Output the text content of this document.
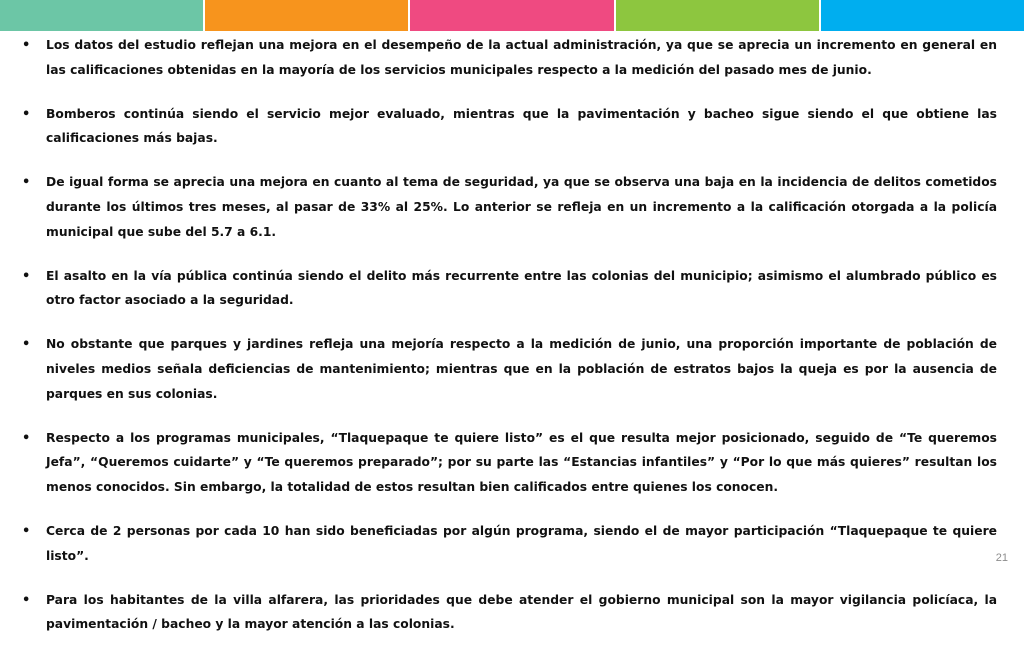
•	Los datos del estudio reflejan una mejora en el desempeño de la actual administración, ya que se aprecia un incremento en general en las calificaciones obtenidas en la mayoría de los servicios municipales respecto a la medición del pasado mes de junio.
•	Bomberos continúa siendo el servicio mejor evaluado, mientras que la pavimentación y bacheo sigue siendo el que obtiene las calificaciones más bajas.
•	De igual forma se aprecia una mejora en cuanto al tema de seguridad, ya que se observa una baja en la incidencia de delitos cometidos durante los últimos tres meses, al pasar de 33% al 25%. Lo anterior se refleja en un incremento a la calificación otorgada a la policía municipal que sube del 5.7 a 6.1.
•	El asalto en la vía pública continúa siendo el delito más recurrente entre las colonias del municipio; asimismo el alumbrado público es otro factor asociado a la seguridad.
•	No obstante que parques y jardines refleja una mejoría respecto a la medición de junio, una proporción importante de población de niveles medios señala deficiencias de mantenimiento; mientras que en la población de estratos bajos la queja es por la ausencia de parques en sus colonias.
•	Respecto a los programas municipales, “Tlaquepaque te quiere listo” es el que resulta mejor posicionado, seguido de “Te queremos Jefa”, “Queremos cuidarte” y “Te queremos preparado”; por su parte las “Estancias infantiles” y “Por lo que más quieres” resultan los menos conocidos. Sin embargo, la totalidad de estos resultan bien calificados entre quienes los conocen.
•	Cerca de 2 personas por cada 10 han sido beneficiadas por algún programa, siendo el de mayor participación “Tlaquepaque te quiere listo”.
•	Para los habitantes de la villa alfarera, las prioridades que debe atender el gobierno municipal son la mayor vigilancia policíaca, la pavimentación / bacheo y la mayor atención a las colonias.
21
